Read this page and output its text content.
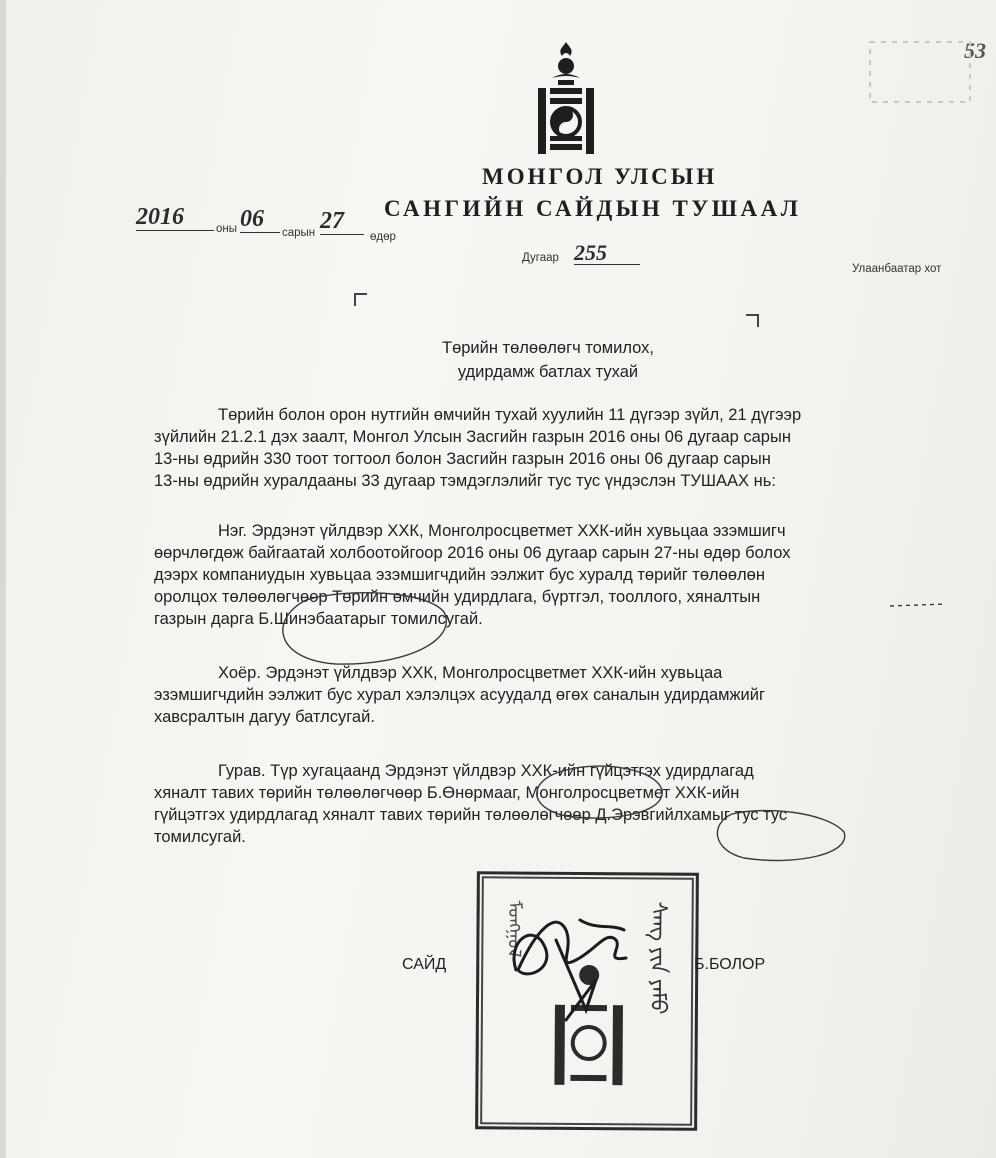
53
МОНГОЛ УЛСЫН
САНГИЙН САЙДЫН ТУШААЛ
2016	оны 06
сарын 27
өдөр
Дугаар 255
Улаанбаатар хот
Төрийн төлөөлөгч томилох,
удирдамж батлах тухай
Төрийн болон орон нутгийн өмчийн тухай хуулийн 11 дүгээр зүйл, 21 дүгээр
зүйлийн 21.2.1 дэх заалт, Монгол Улсын Засгийн газрын 2016 оны 06 дугаар сарын
13-ны өдрийн 330 тоот тогтоол болон Засгийн газрын 2016 оны 06 дугаар сарын
13-ны өдрийн хуралдааны 33 дугаар тэмдэглэлийг тус тус үндэслэн ТУШААХ нь:
Нэг. Эрдэнэт үйлдвэр ХХК, Монголросцветмет ХХК-ийн хувьцаа эзэмшигч
өөрчлөгдөж байгаатай холбоотойгоор 2016 оны 06 дугаар сарын 27-ны өдөр болох
дээрх компаниудын хувьцаа эзэмшигчдийн ээлжит бус хуралд төрийг төлөөлөн
оролцох төлөөлөгчөөр Төрийн өмчийн удирдлага, бүртгэл, тооллого, хяналтын
газрын дарга Б.Шинэбаатарыг томилсугай.
Хоёр. Эрдэнэт үйлдвэр ХХК, Монголросцветмет ХХК-ийн хувьцаа
эзэмшигчдийн ээлжит бус хурал хэлэлцэх асуудалд өгөх саналын удирдамжийг
хавсралтын дагуу батлсугай.
Гурав. Түр хугацаанд Эрдэнэт үйлдвэр ХХК-ийн гүйцэтгэх удирдлагад
хяналт тавих төрийн төлөөлөгчөөр Б.Өнөрмааг, Монголросцветмет ХХК-ийн
гүйцэтгэх удирдлагад хяналт тавих төрийн төлөөлөгчөөр Д.Эрэвгийлхамыг тус тус
томилсугай.
САЙД
ᠮᠣᠩᠭᠣᠯ	ᠰᠠᠩ ᠶᠢᠨ ᠶᠠᠮᠤ	Б.БОЛОР
